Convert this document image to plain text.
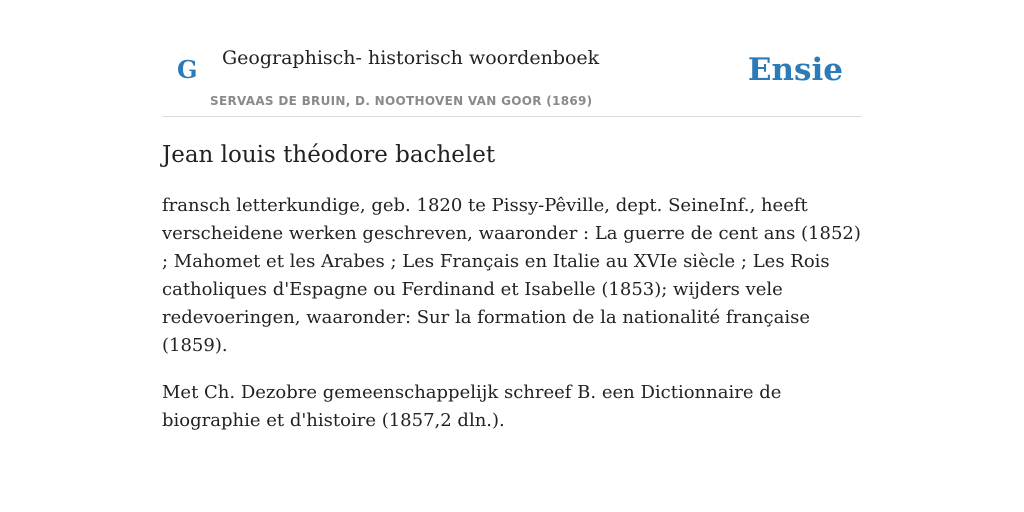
G Geographisch- historisch woordenboek
SERVAAS DE BRUIN, D. NOOTHOVEN VAN GOOR (1869)
Ensie
Jean louis théodore bachelet

fransch letterkundige, geb. 1820 te Pissy-Pêville, dept. SeineInf., heeft verscheidene werken geschreven, waaronder : La guerre de cent ans (1852) ; Mahomet et les Arabes ; Les Français en Italie au XVIe siècle ; Les Rois catholiques d'Espagne ou Ferdinand et Isabelle (1853); wijders vele redevoeringen, waaronder: Sur la formation de la nationalité française (1859).

Met Ch. Dezobre gemeenschappelijk schreef B. een Dictionnaire de biographie et d'histoire (1857,2 dln.).
